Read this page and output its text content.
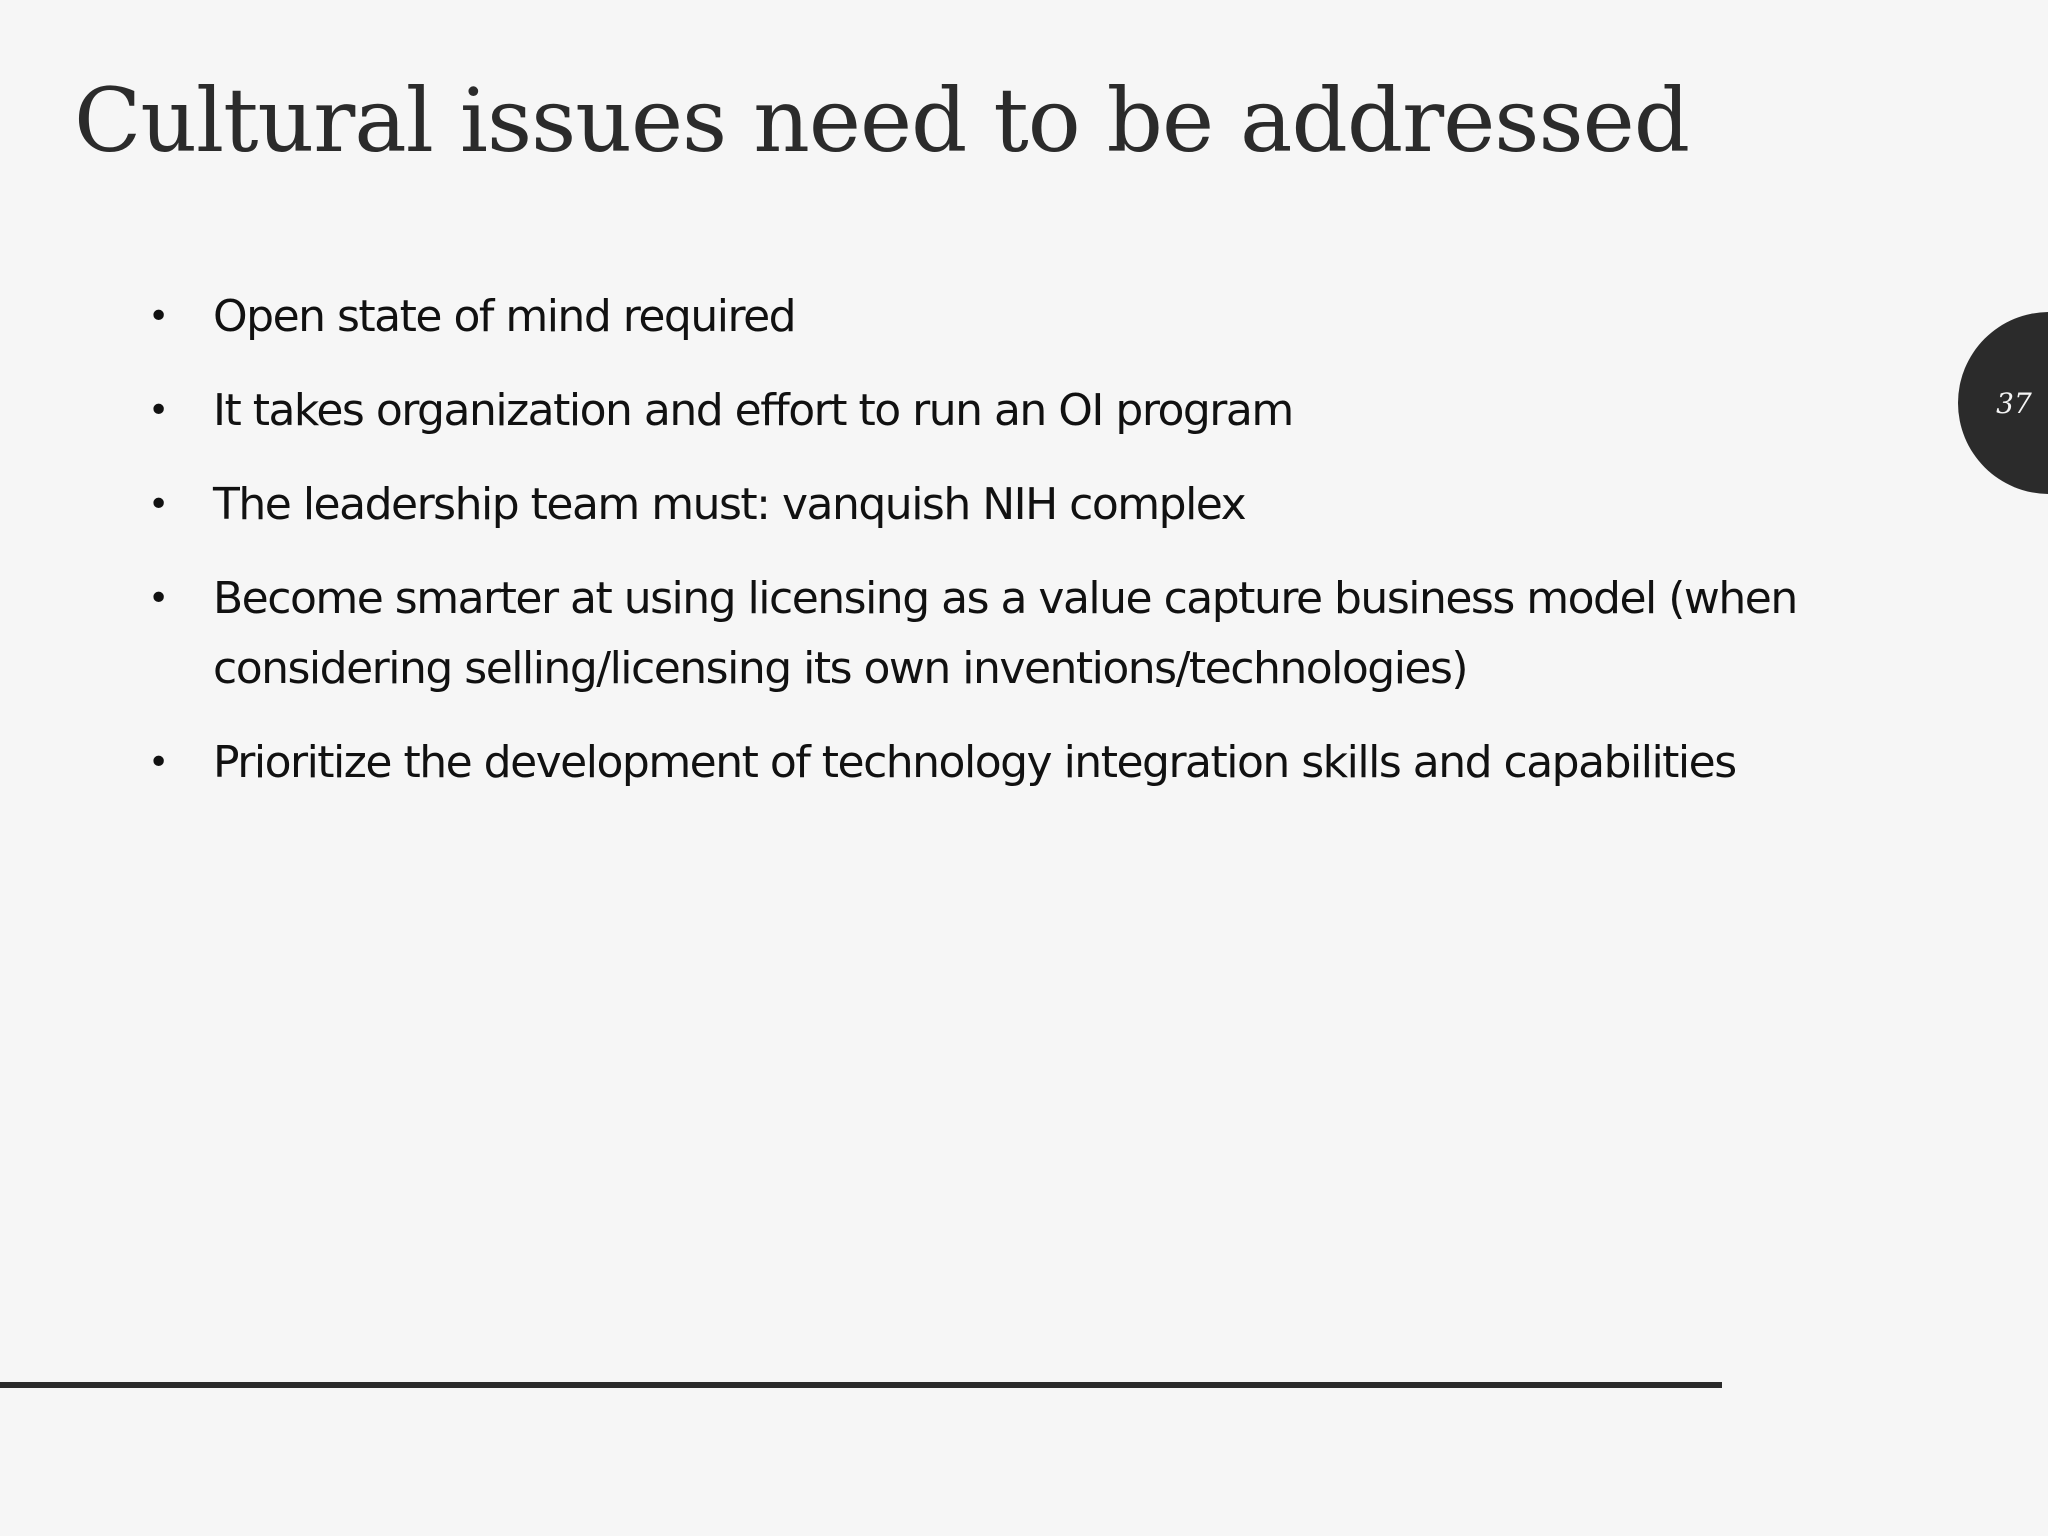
Cultural issues need to be addressed
• Open state of mind required
• It takes organization and effort to run an OI program
• The leadership team must: vanquish NIH complex
• Become smarter at using licensing as a value capture business model (when considering selling/licensing its own inventions/technologies)
• Prioritize the development of technology integration skills and capabilities
37
